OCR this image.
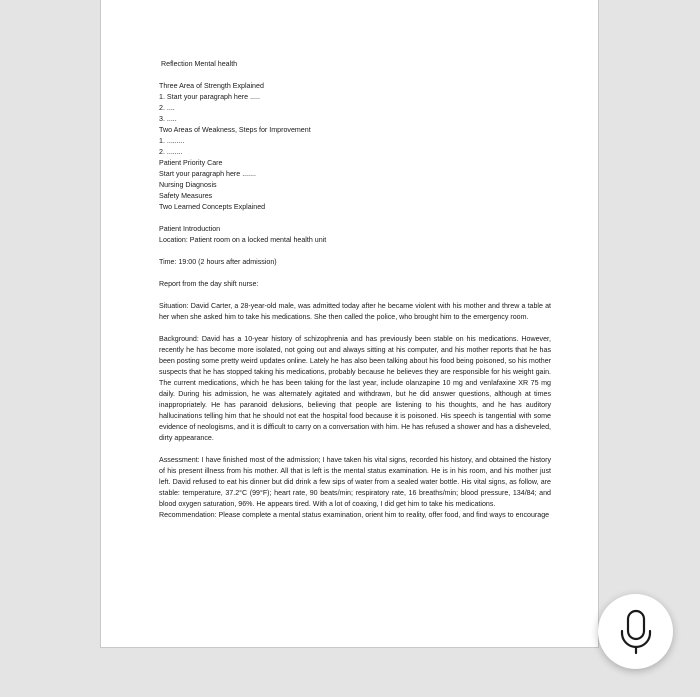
Reflection Mental health

Three Area of Strength Explained

1. Start your paragraph here .....

2. ....

3. .....

Two Areas of Weakness, Steps for Improvement

1. .........

2. ........

Patient Priority Care

Start your paragraph here .......

Nursing Diagnosis

Safety Measures

Two Learned Concepts Explained

Patient Introduction

Location: Patient room on a locked mental health unit

Time: 19:00 (2 hours after admission)

Report from the day shift nurse:

Situation: David Carter, a 28-year-old male, was admitted today after he became violent with his mother and threw a table at her when she asked him to take his medications. She then called the police, who brought him to the emergency room.

Background: David has a 10-year history of schizophrenia and has previously been stable on his medications. However, recently he has become more isolated, not going out and always sitting at his computer, and his mother reports that he has been posting some pretty weird updates online. Lately he has also been talking about his food being poisoned, so his mother suspects that he has stopped taking his medications, probably because he believes they are responsible for his weight gain. The current medications, which he has been taking for the last year, include olanzapine 10 mg and venlafaxine XR 75 mg daily. During his admission, he was alternately agitated and withdrawn, but he did answer questions, although at times inappropriately. He has paranoid delusions, believing that people are listening to his thoughts, and he has auditory hallucinations telling him that he should not eat the hospital food because it is poisoned. His speech is tangential with some evidence of neologisms, and it is difficult to carry on a conversation with him. He has refused a shower and has a disheveled, dirty appearance.

Assessment: I have finished most of the admission; I have taken his vital signs, recorded his history, and obtained the history of his present illness from his mother. All that is left is the mental status examination. He is in his room, and his mother just left. David refused to eat his dinner but did drink a few sips of water from a sealed water bottle. His vital signs, as follow, are stable: temperature, 37.2°C (99°F); heart rate, 90 beats/min; respiratory rate, 16 breaths/min; blood pressure, 134/84; and blood oxygen saturation, 96%. He appears tired. With a lot of coaxing, I did get him to take his medications.

Recommendation: Please complete a mental status examination, orient him to reality, offer food, and find ways to encourage
